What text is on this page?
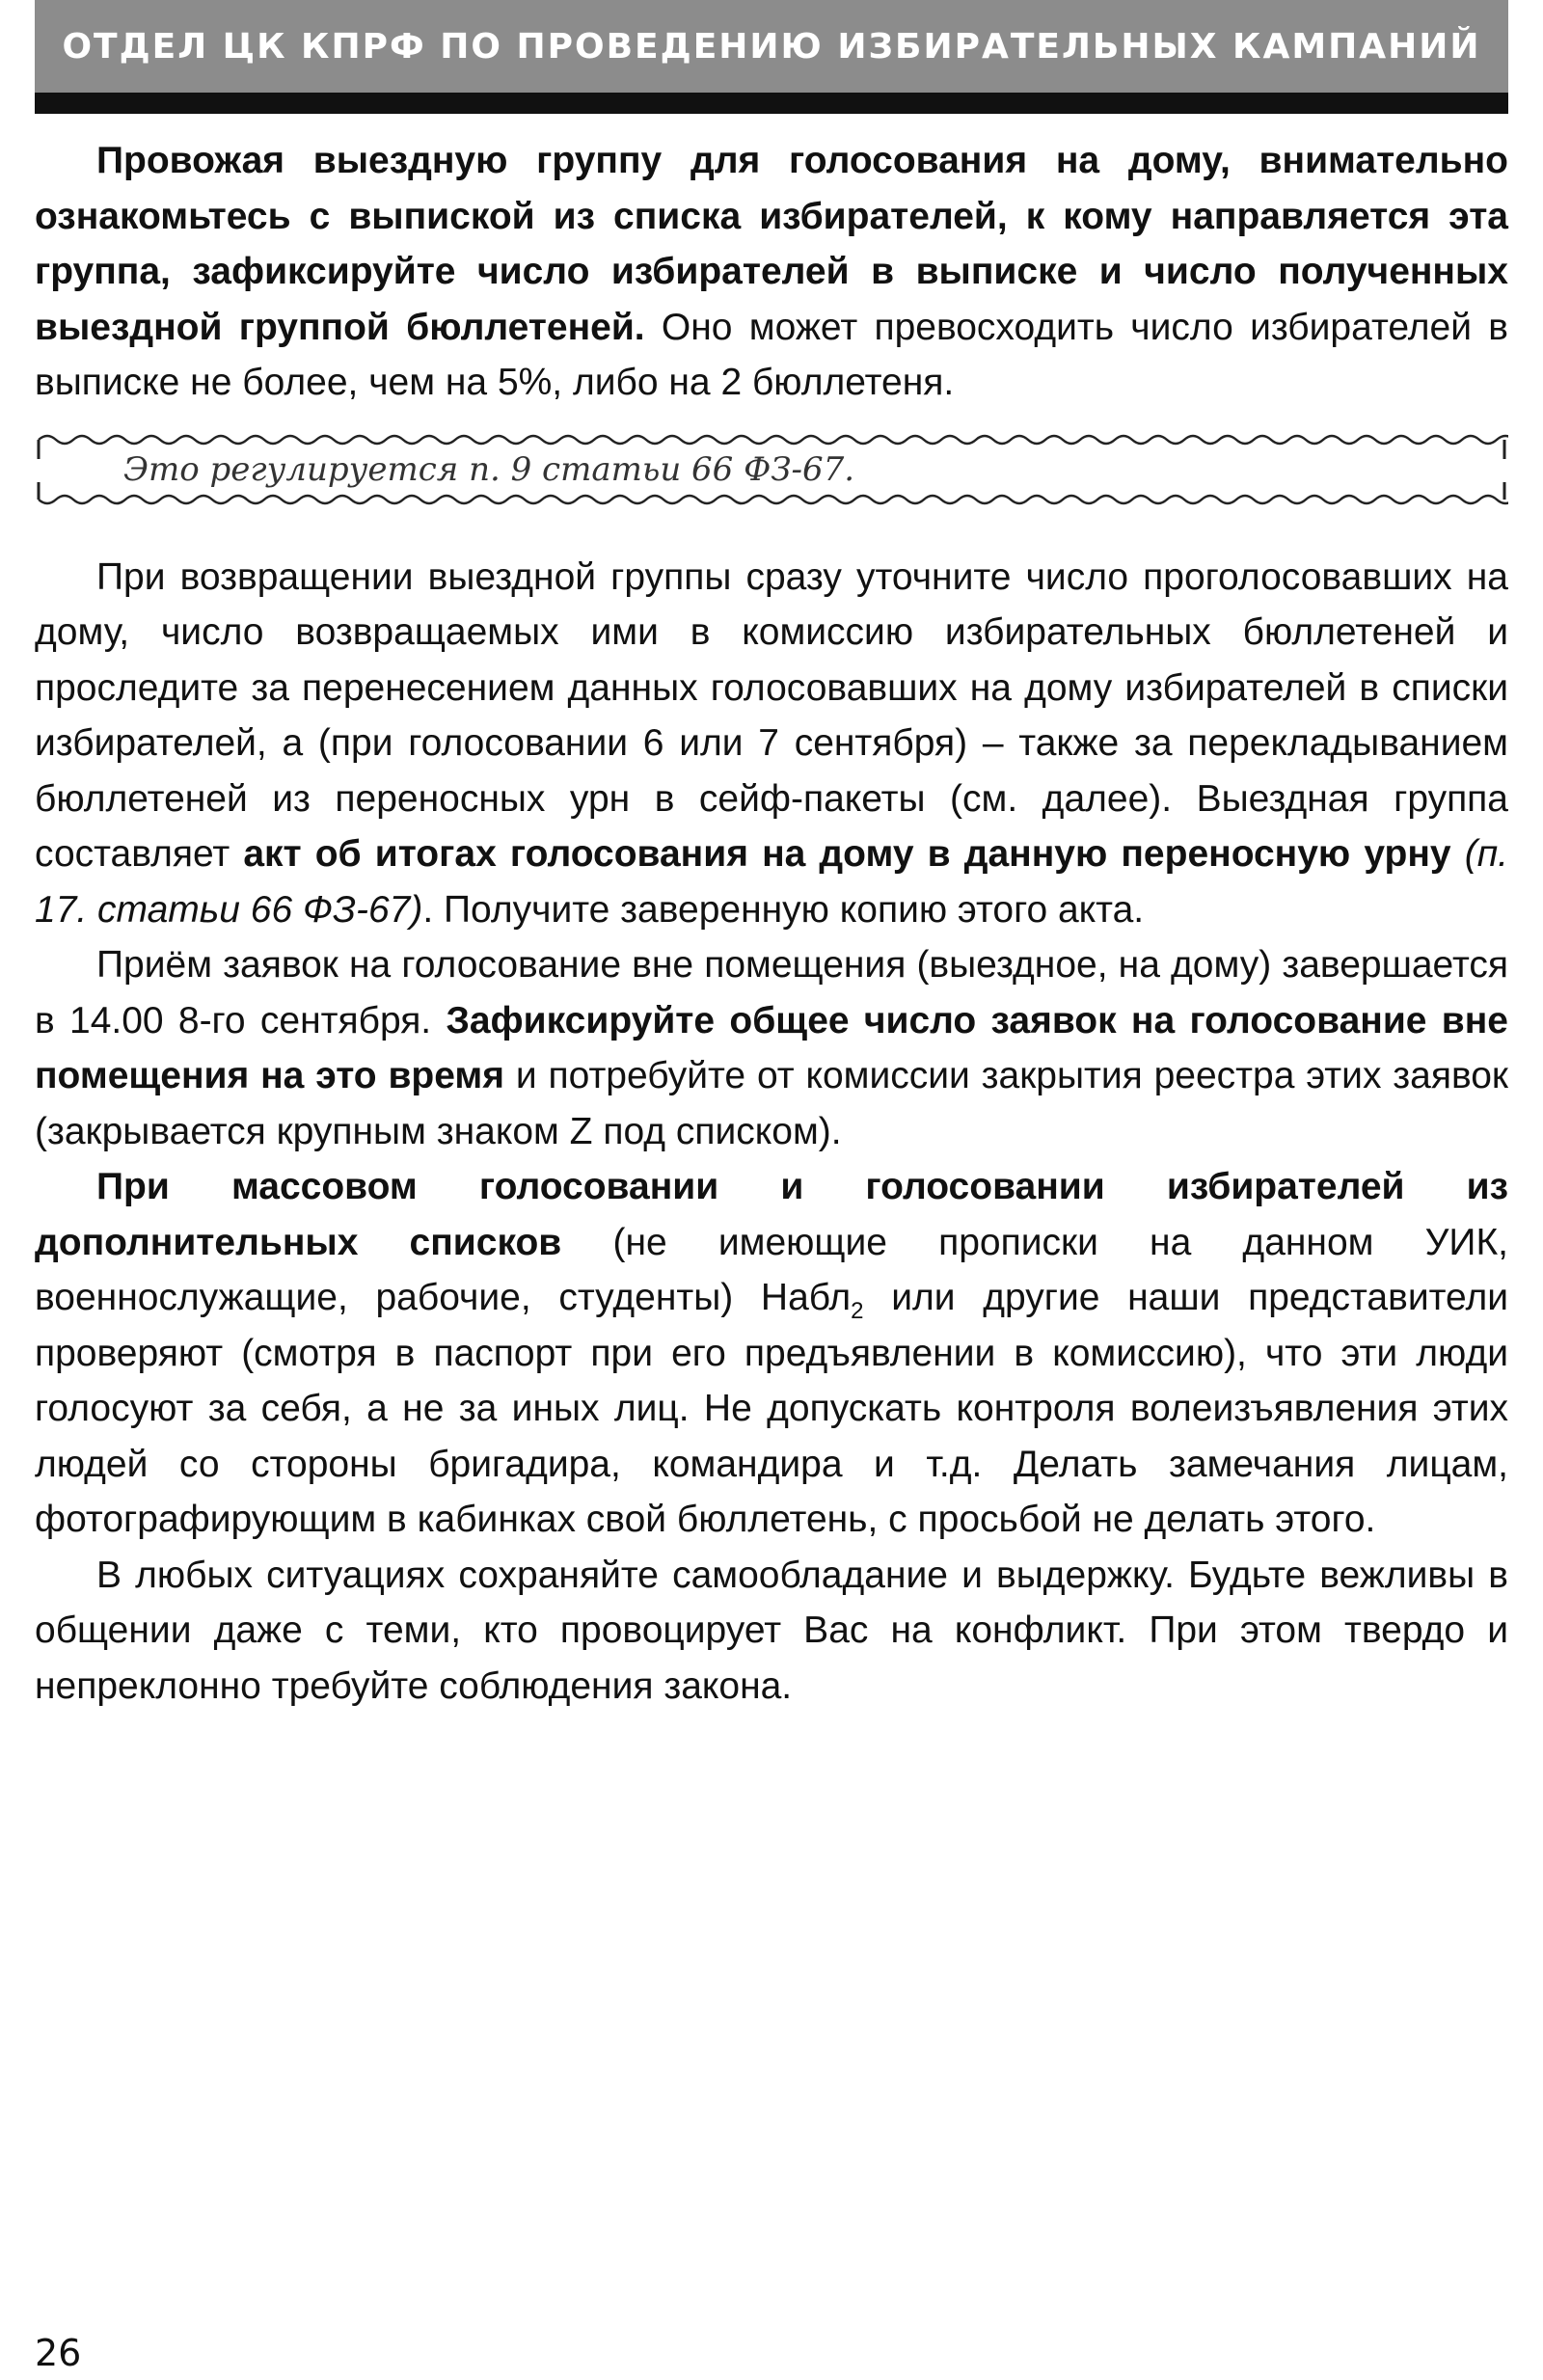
ОТДЕЛ ЦК КПРФ ПО ПРОВЕДЕНИЮ ИЗБИРАТЕЛЬНЫХ КАМПАНИЙ

Провожая выездную группу для голосования на дому, внимательно ознакомьтесь с выпиской из списка избирателей, к кому направляется эта группа, зафиксируйте число избирателей в выписке и число полученных выездной группой бюллетеней. Оно может превосходить число избирателей в выписке не более, чем на 5%, либо на 2 бюллетеня.

Это регулируется п. 9 статьи 66 ФЗ-67.

При возвращении выездной группы сразу уточните число проголосовавших на дому, число возвращаемых ими в комиссию избирательных бюллетеней и проследите за перенесением данных голосовавших на дому избирателей в списки избирателей, а (при голосовании 6 или 7 сентября) – также за перекладыванием бюллетеней из переносных урн в сейф-пакеты (см. далее). Выездная группа составляет акт об итогах голосования на дому в данную переносную урну (п. 17. статьи 66 ФЗ-67). Получите заверенную копию этого акта.

Приём заявок на голосование вне помещения (выездное, на дому) завершается в 14.00 8-го сентября. Зафиксируйте общее число заявок на голосование вне помещения на это время и потребуйте от комиссии закрытия реестра этих заявок (закрывается крупным знаком Z под списком).

При массовом голосовании и голосовании избирателей из дополнительных списков (не имеющие прописки на данном УИК, военнослужащие, рабочие, студенты) Набл$_2$ или другие наши представители проверяют (смотря в паспорт при его предъявлении в комиссию), что эти люди голосуют за себя, а не за иных лиц. Не допускать контроля волеизъявления этих людей со стороны бригадира, командира и т.д. Делать замечания лицам, фотографирующим в кабинках свой бюллетень, с просьбой не делать этого.

В любых ситуациях сохраняйте самообладание и выдержку. Будьте вежливы в общении даже с теми, кто провоцирует Вас на конфликт. При этом твердо и непреклонно требуйте соблюдения закона.

26
